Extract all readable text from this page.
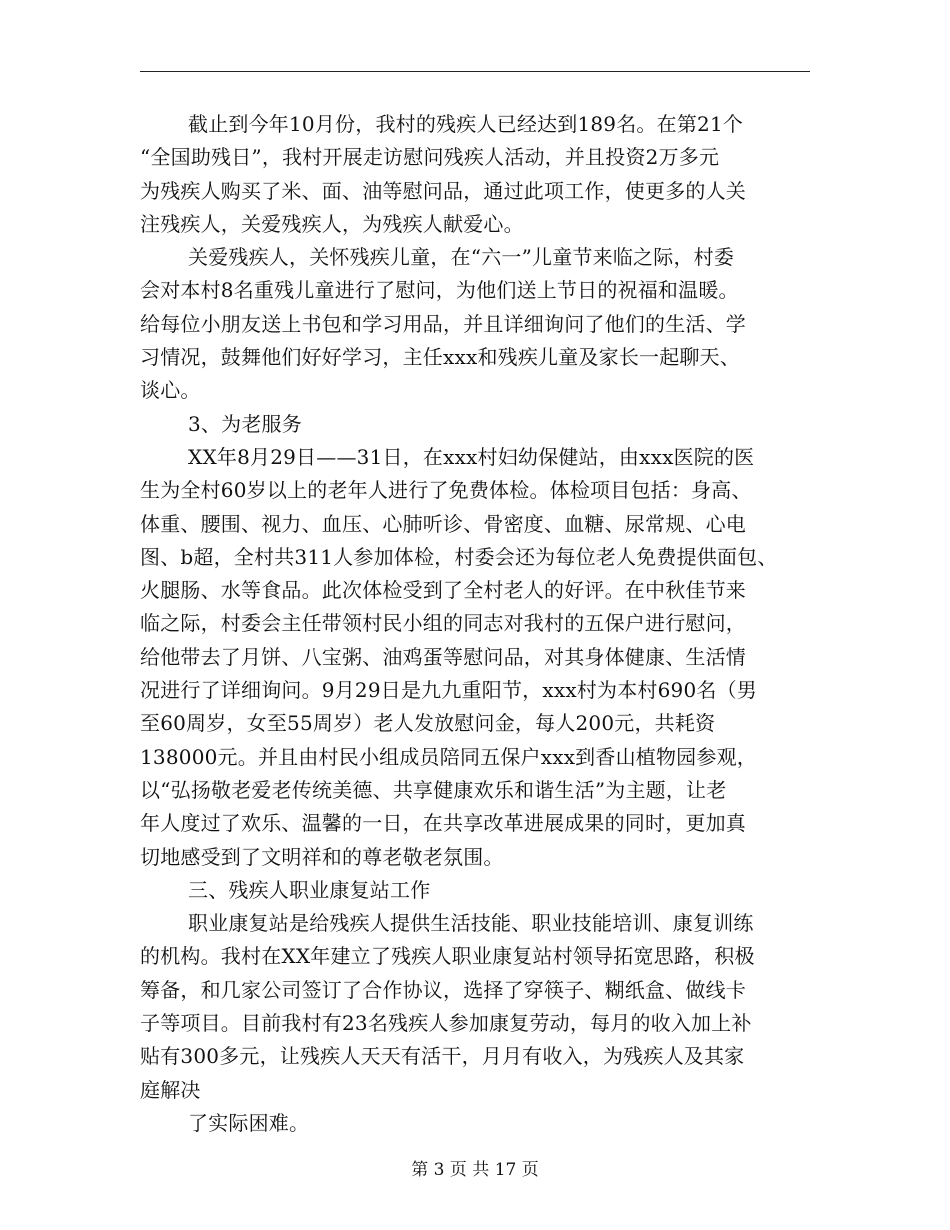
截止到今年10月份，我村的残疾人已经达到189名。在第21个
“全国助残日”，我村开展走访慰问残疾人活动，并且投资2万多元
为残疾人购买了米、面、油等慰问品，通过此项工作，使更多的人关
注残疾人，关爱残疾人，为残疾人献爱心。
关爱残疾人，关怀残疾儿童，在“六一”儿童节来临之际，村委
会对本村8名重残儿童进行了慰问，为他们送上节日的祝福和温暖。
给每位小朋友送上书包和学习用品，并且详细询问了他们的生活、学
习情况，鼓舞他们好好学习，主任xxx和残疾儿童及家长一起聊天、
谈心。
3、为老服务
XX年8月29日——31日，在xxx村妇幼保健站，由xxx医院的医
生为全村60岁以上的老年人进行了免费体检。体检项目包括：身高、
体重、腰围、视力、血压、心肺听诊、骨密度、血糖、尿常规、心电
图、b超，全村共311人参加体检，村委会还为每位老人免费提供面包、
火腿肠、水等食品。此次体检受到了全村老人的好评。在中秋佳节来
临之际，村委会主任带领村民小组的同志对我村的五保户进行慰问，
给他带去了月饼、八宝粥、油鸡蛋等慰问品，对其身体健康、生活情
况进行了详细询问。9月29日是九九重阳节，xxx村为本村690名（男
至60周岁，女至55周岁）老人发放慰问金，每人200元，共耗资
138000元。并且由村民小组成员陪同五保户xxx到香山植物园参观，
以“弘扬敬老爱老传统美德、共享健康欢乐和谐生活”为主题，让老
年人度过了欢乐、温馨的一日，在共享改革进展成果的同时，更加真
切地感受到了文明祥和的尊老敬老氛围。
三、残疾人职业康复站工作
职业康复站是给残疾人提供生活技能、职业技能培训、康复训练
的机构。我村在XX年建立了残疾人职业康复站村领导拓宽思路，积极
筹备，和几家公司签订了合作协议，选择了穿筷子、糊纸盒、做线卡
子等项目。目前我村有23名残疾人参加康复劳动，每月的收入加上补
贴有300多元，让残疾人天天有活干，月月有收入，为残疾人及其家
庭解决
了实际困难。
第 3 页 共 17 页
